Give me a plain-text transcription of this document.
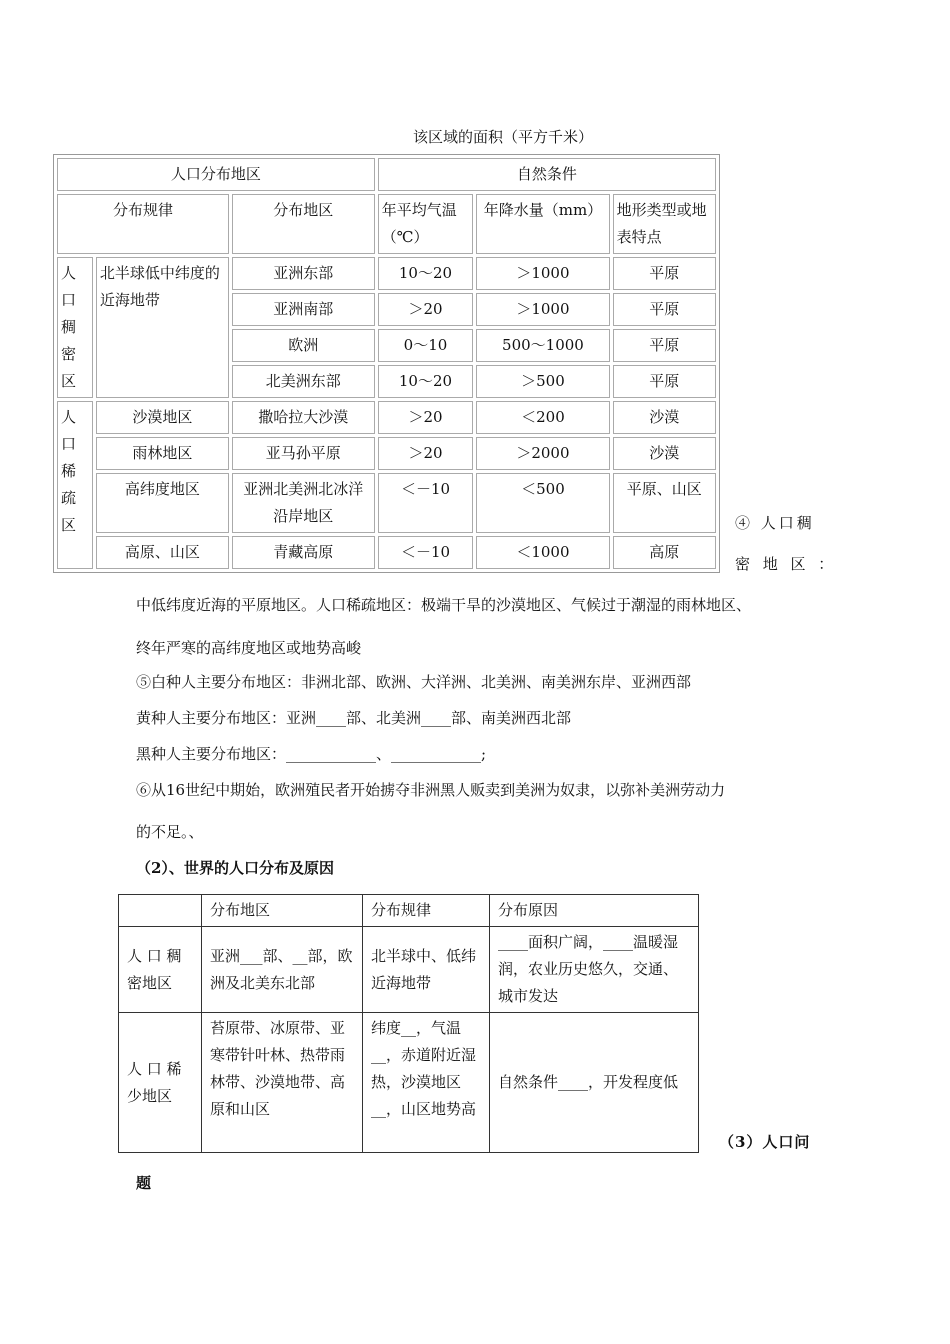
该区域的面积（平方千米）
人口分布地区			自然条件		
分布规律		分布地区	年平均气温（℃）	年降水量（mm）	地形类型或地表特点
人口稠密区	北半球低中纬度的近海地带	亚洲东部	10～20	＞1000	平原
		亚洲南部	＞20	＞1000	平原
		欧洲	0～10	500～1000	平原
		北美洲东部	10～20	＞500	平原
人口稀疏区	沙漠地区	撒哈拉大沙漠	＞20	＜200	沙漠
	雨林地区	亚马孙平原	＞20	＞2000	沙漠
	高纬度地区	亚洲北美洲北冰洋沿岸地区	＜－10	＜500	平原、山区
	高原、山区	青藏高原	＜－10	＜1000	高原
④ 人口稠
密 地 区 ：
中低纬度近海的平原地区。人口稀疏地区：极端干旱的沙漠地区、气候过于潮湿的雨林地区、
终年严寒的高纬度地区或地势高峻
⑤白种人主要分布地区：非洲北部、欧洲、大洋洲、北美洲、南美洲东岸、亚洲西部
黄种人主要分布地区：亚洲____部、北美洲____部、南美洲西北部
黑种人主要分布地区：____________、____________;
⑥从16世纪中期始，欧洲殖民者开始掳夺非洲黑人贩卖到美洲为奴隶，以弥补美洲劳动力
的不足。、
（2）、世界的人口分布及原因
	分布地区	分布规律	分布原因
人 口 稠密地区	亚洲___部、__部，欧洲及北美东北部	北半球中、低纬近海地带	____面积广阔，____温暖湿润，农业历史悠久，交通、城市发达
人 口 稀少地区	苔原带、冰原带、亚寒带针叶林、热带雨林带、沙漠地带、高原和山区	纬度__，气温__，赤道附近湿热，沙漠地区__，山区地势高	自然条件____，开发程度低
（3）人口问
题
